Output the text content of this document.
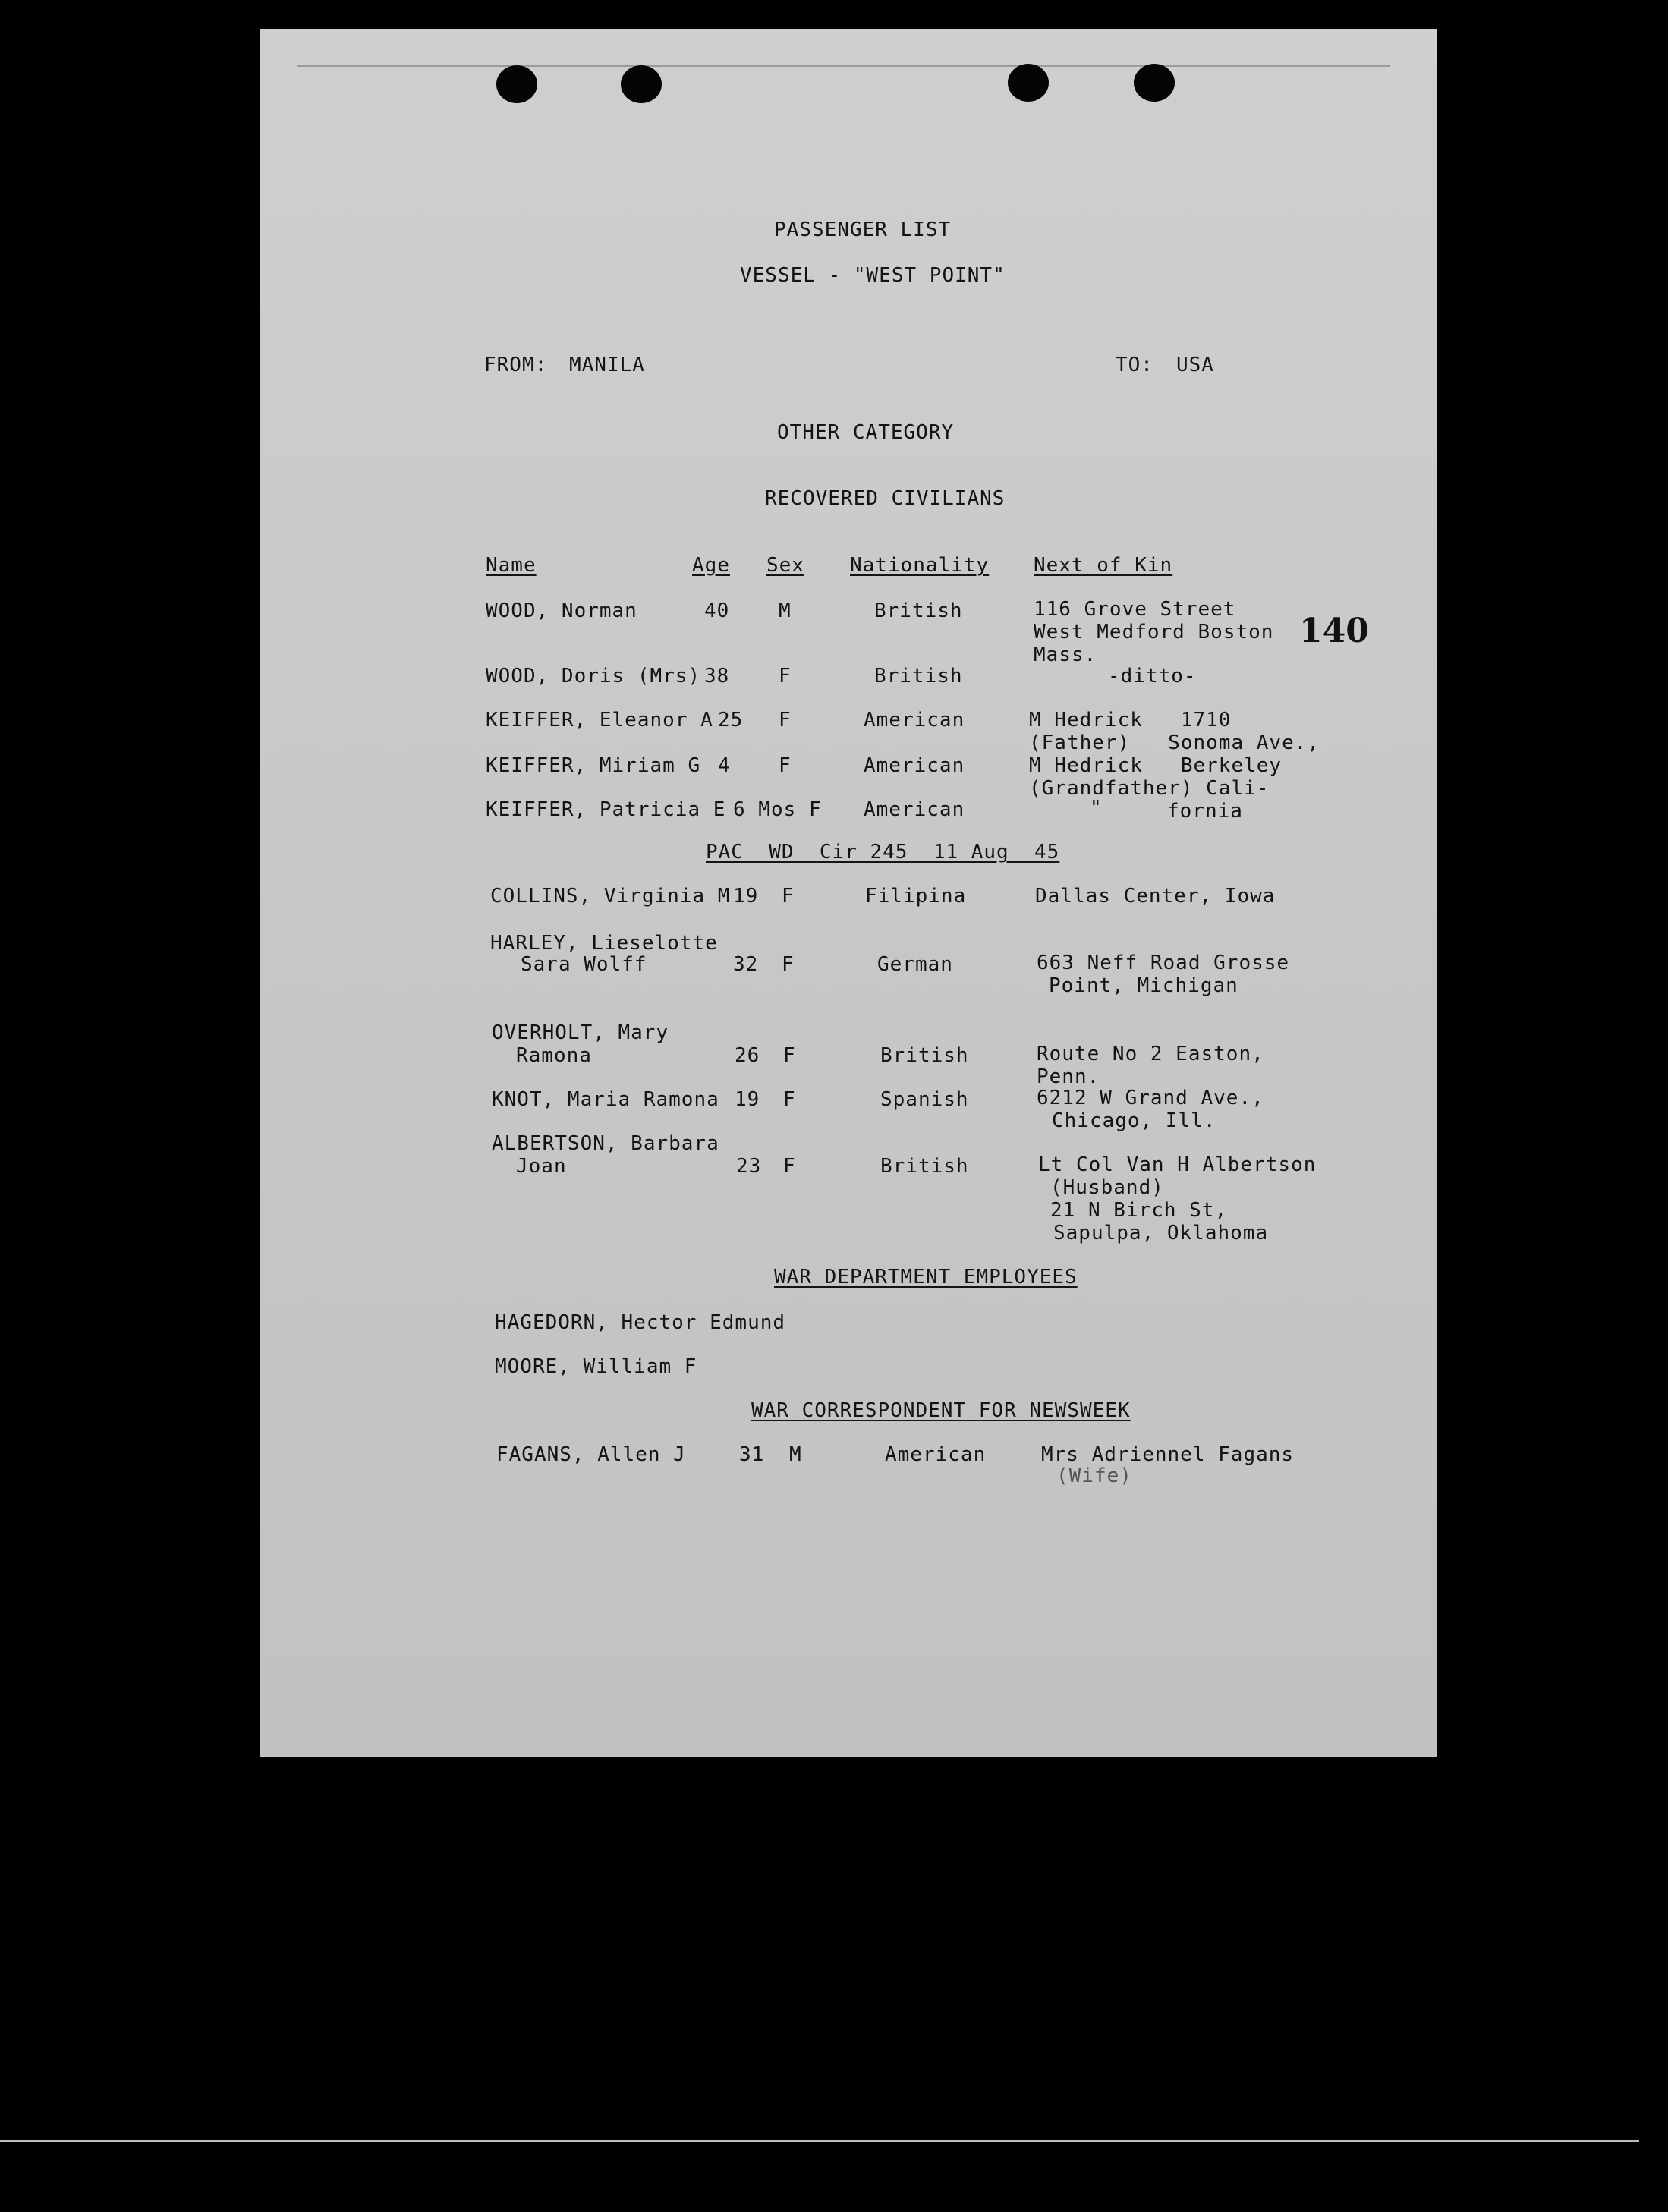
PASSENGER LIST
VESSEL - "WEST POINT"
FROM: MANILA	TO: USA
OTHER CATEGORY
RECOVERED CIVILIANS
140
Name	Age Sex Nationality Next of Kin
WOOD, Norman	40 M	British	116 Grove Street
West Medford Boston
Mass.
WOOD, Doris (Mrs) 38 F	British	-ditto-
KEIFFER, Eleanor A 25 F	American	M Hedrick   1710
(Father)   Sonoma Ave.,
KEIFFER, Miriam G 4 F	American	M Hedrick   Berkeley
(Grandfather) Cali-
KEIFFER, Patricia E 6 Mos F American	"	fornia
PAC  WD  Cir 245  11 Aug  45
COLLINS, Virginia M 19 F	Filipina	Dallas Center, Iowa
HARLEY, Lieselotte
Sara Wolff	32 F	German	663 Neff Road Grosse
Point, Michigan
OVERHOLT, Mary
Ramona	26 F	British	Route No 2 Easton,
Penn.
KNOT, Maria Ramona 19 F	Spanish	6212 W Grand Ave.,
Chicago, Ill.
ALBERTSON, Barbara
Joan	23 F	British	Lt Col Van H Albertson
(Husband)
21 N Birch St,
Sapulpa, Oklahoma
WAR DEPARTMENT EMPLOYEES
HAGEDORN, Hector Edmund
MOORE, William F
WAR CORRESPONDENT FOR NEWSWEEK
FAGANS, Allen J	31 M	American	Mrs Adriennel Fagans
(Wife)
